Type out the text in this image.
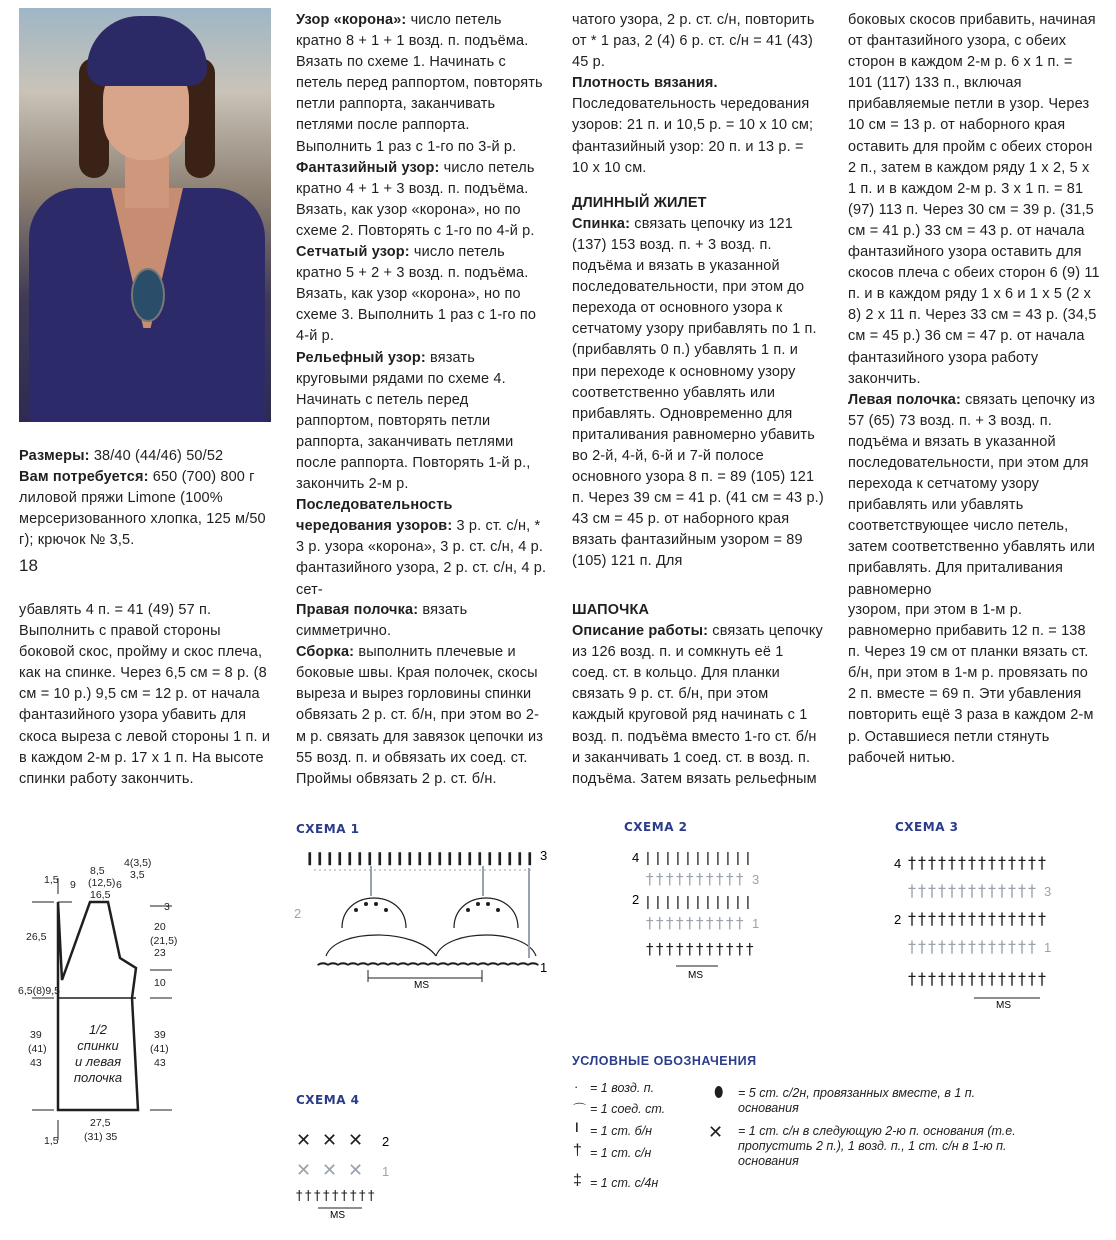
Размеры: 38/40 (44/46) 50/52

Вам потребуется: 650 (700) 800 г лиловой пряжи Limone (100% мерсеризованного хлопка, 125 м/50 г); крючок № 3,5.

18

Узор «корона»: число петель кратно 8 + 1 + 1 возд. п. подъёма. Вязать по схеме 1. Начинать с петель перед раппортом, повторять петли раппорта, заканчивать петлями после раппорта. Выполнить 1 раз с 1-го по 3-й р.

Фантазийный узор: число петель кратно 4 + 1 + 3 возд. п. подъёма. Вязать, как узор «корона», но по схеме 2. Повторять с 1-го по 4-й р.

Сетчатый узор: число петель кратно 5 + 2 + 3 возд. п. подъёма. Вязать, как узор «корона», но по схеме 3. Выполнить 1 раз с 1-го по 4-й р.

Рельефный узор: вязать круговыми рядами по схеме 4. Начинать с петель перед раппортом, повторять петли раппорта, заканчивать петлями после раппорта. Повторять 1-й р., закончить 2-м р.

Последовательность чередования узоров: 3 р. ст. с/н, * 3 р. узора «корона», 3 р. ст. с/н, 4 р. фантазийного узора, 2 р. ст. с/н, 4 р. сет-

чатого узора, 2 р. ст. с/н, повторить от * 1 раз, 2 (4) 6 р. ст. с/н = 41 (43) 45 р.

Плотность вязания. Последовательность чередования узоров: 21 п. и 10,5 р. = 10 х 10 см; фантазийный узор: 20 п. и 13 р. = 10 х 10 см.

ДЛИННЫЙ ЖИЛЕТ

Спинка: связать цепочку из 121 (137) 153 возд. п. + 3 возд. п. подъёма и вязать в указанной последовательности, при этом до перехода от основного узора к сетчатому узору прибавлять по 1 п. (прибавлять 0 п.) убавлять 1 п. и при переходе к основному узору соответственно убавлять или прибавлять. Одновременно для приталивания равномерно убавить во 2-й, 4-й, 6-й и 7-й полосе основного узора 8 п. = 89 (105) 121 п. Через 39 см = 41 р. (41 см = 43 р.) 43 см = 45 р. от наборного края вязать фантазийным узором = 89 (105) 121 п. Для

боковых скосов прибавить, начиная от фантазийного узора, с обеих сторон в каждом 2-м р. 6 х 1 п. = 101 (117) 133 п., включая прибавляемые петли в узор. Через 10 см = 13 р. от наборного края оставить для пройм с обеих сторон 2 п., затем в каждом ряду 1 х 2, 5 х 1 п. и в каждом 2-м р. 3 х 1 п. = 81 (97) 113 п. Через 30 см = 39 р. (31,5 см = 41 р.) 33 см = 43 р. от начала фантазийного узора оставить для скосов плеча с обеих сторон 6 (9) 11 п. и в каждом ряду 1 х 6 и 1 х 5 (2 х 8) 2 х 11 п. Через 33 см = 43 р. (34,5 см = 45 р.) 36 см = 47 р. от начала фантазийного узора работу закончить.

Левая полочка: связать цепочку из 57 (65) 73 возд. п. + 3 возд. п. подъёма и вязать в указанной последовательности, при этом для перехода к сетчатому узору прибавлять или убавлять соответствующее число петель, затем соответственно убавлять или прибавлять. Для приталивания равномерно

убавлять 4 п. = 41 (49) 57 п. Выполнить с правой стороны боковой скос, пройму и скос плеча, как на спинке. Через 6,5 см = 8 р. (8 см = 10 р.) 9,5 см = 12 р. от начала фантазийного узора убавить для скоса выреза с левой стороны 1 п. и в каждом 2-м р. 17 х 1 п. На высоте спинки работу закончить.

Правая полочка: вязать симметрично.

Сборка: выполнить плечевые и боковые швы. Края полочек, скосы выреза и вырез горловины спинки обвязать 2 р. ст. б/н, при этом во 2-м р. связать для завязок цепочки из 55 возд. п. и обвязать их соед. ст. Проймы обвязать 2 р. ст. б/н.

ШАПОЧКА

Описание работы: связать цепочку из 126 возд. п. и сомкнуть её 1 соед. ст. в кольцо. Для планки связать 9 р. ст. б/н, при этом каждый круговой ряд начинать с 1 возд. п. подъёма вместо 1-го ст. б/н и заканчивать 1 соед. ст. в возд. п. подъёма. Затем вязать рельефным

узором, при этом в 1-м р. равномерно прибавить 12 п. = 138 п. Через 19 см от планки вязать ст. б/н, при этом в 1-м р. провязать по 2 п. вместе = 69 п. Эти убавления повторить ещё 3 раза в каждом 2-м р. Оставшиеся петли стянуть рабочей нитью.

1,5 9
8,5
(12,5)
16,5
6
4(3,5)
3,5
26,5
6,5(8)9,5
39
(41)
43
3
20
(21,5)
23
10
39
(41)
43
27,5
(31) 35
1,5
1/2
спинки
и левая
полочка
СХЕМА 1	СХЕМА 2	СХЕМА 3
СХЕМА 4
ǀ ǀ ǀ ǀ ǀ ǀ ǀ ǀ ǀ ǀ ǀ ǀ ǀ ǀ ǀ ǀ ǀ ǀ ǀ ǀ ǀ ǀ ǀ
⌒ ⌒ ⌒ ⌒ ⌒ ⌒ ⌒ ⌒ ⌒ ⌒ ⌒ ⌒ ⌒ ⌒ ⌒ ⌒ ⌒ ⌒ ⌒ ⌒ ⌒ ⌒
MS
3
2
1
ǀ ǀ ǀ ǀ ǀ ǀ ǀ ǀ ǀ ǀ ǀ
† † † † † † † † † †
ǀ ǀ ǀ ǀ ǀ ǀ ǀ ǀ ǀ ǀ ǀ
† † † † † † † † † †
† † † † † † † † † † †
MS
4
3
2
1
† † † † † † † † † † † † † †
† † † † † † † † † † † † †
† † † † † † † † † † † † † †
† † † † † † † † † † † † †
† † † † † † † † † † † † † †
MS
4
3
2
1
✕ ✕ ✕
✕ ✕ ✕
† † † † † † † † †
MS
2
1
УСЛОВНЫЕ ОБОЗНАЧЕНИЯ
· = 1 возд. п.
⌒ = 1 соед. ст.
ǀ = 1 ст. б/н
† = 1 ст. с/н
‡ = 1 ст. с/4н
⬮ = 5 ст. с/2н, провязанных вместе, в 1 п. основания
✕ = 1 ст. с/н в следующую 2-ю п. основания (т.е. пропустить 2 п.), 1 возд. п., 1 ст. с/н в 1-ю п. основания
